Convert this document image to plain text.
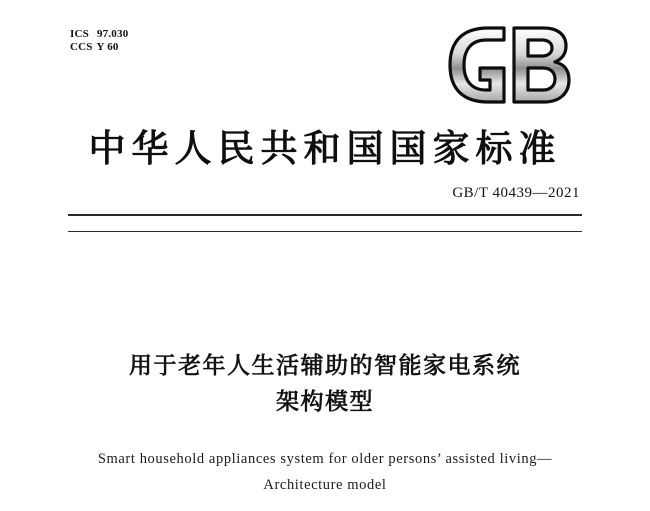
ICS 97.030
CCS Y 60
中华人民共和国国家标准
GB/T 40439—2021
用于老年人生活辅助的智能家电系统
架构模型
Smart household appliances system for older persons’ assisted living—
Architecture model
